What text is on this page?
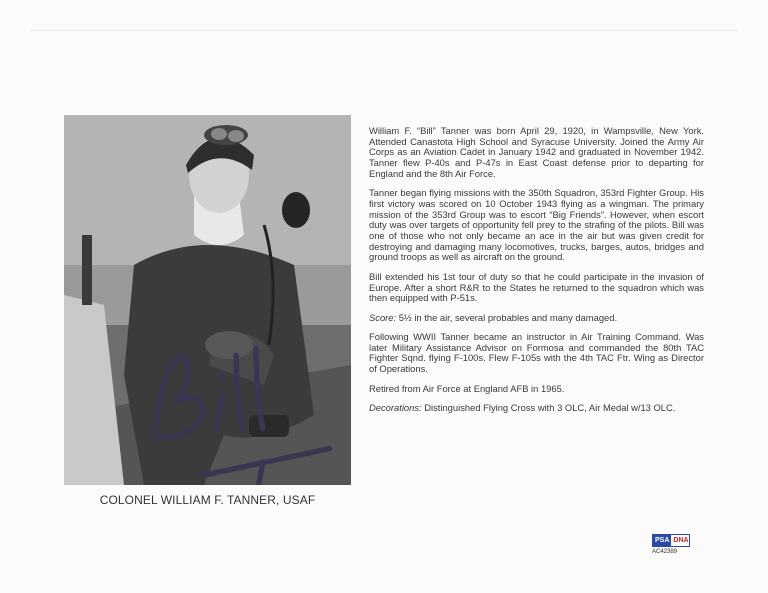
COLONEL WILLIAM F. TANNER, USAF

William F. “Bill” Tanner was born April 29, 1920, in Wampsville, New York. Attended Canastota High School and Syracuse University. Joined the Army Air Corps as an Aviation Cadet in January 1942 and graduated in November 1942. Tanner flew P-40s and P-47s in East Coast defense prior to departing for England and the 8th Air Force.

Tanner began flying missions with the 350th Squadron, 353rd Fighter Group. His first victory was scored on 10 October 1943 flying as a wingman. The primary mission of the 353rd Group was to escort “Big Friends”. However, when escort duty was over targets of opportunity fell prey to the strafing of the pilots. Bill was one of those who not only became an ace in the air but was given credit for destroying and damaging many locomotives, trucks, barges, autos, bridges and ground troops as well as aircraft on the ground.

Bill extended his 1st tour of duty so that he could participate in the invasion of Europe. After a short R&R to the States he returned to the squadron which was then equipped with P-51s.

Score: 5½ in the air, several probables and many damaged.

Following WWII Tanner became an instructor in Air Training Command. Was later Military Assistance Advisor on Formosa and commanded the 80th TAC Fighter Sqnd. flying F-100s. Flew F-105s with the 4th TAC Ftr. Wing as Director of Operations.

Retired from Air Force at England AFB in 1965.

Decorations: Distinguished Flying Cross with 3 OLC, Air Medal w/13 OLC.

PSA DNA
AC42389
